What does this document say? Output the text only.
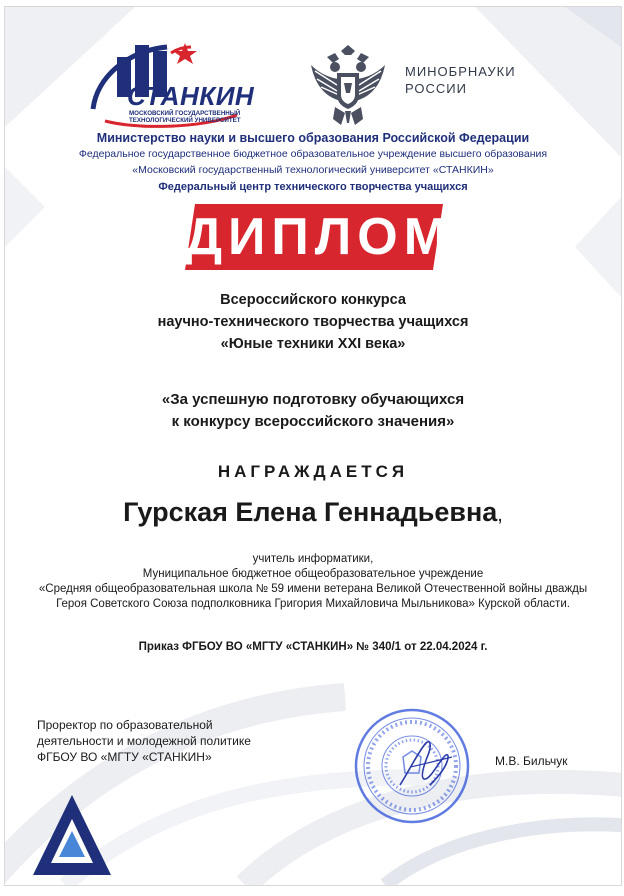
СТАНКИН
МОСКОВСКИЙ ГОСУДАРСТВЕННЫЙ
ТЕХНОЛОГИЧЕСКИЙ УНИВЕРСИТЕТ
МИНОБРНАУКИ
РОССИИ
Министерство науки и высшего образования Российской Федерации
Федеральное государственное бюджетное образовательное учреждение высшего образования
«Московский государственный технологический университет «СТАНКИН»
Федеральный центр технического творчества учащихся
ДИПЛОМ
Всероссийского конкурса
научно-технического творчества учащихся
«Юные техники XXI века»
«За успешную подготовку обучающихся
к конкурсу всероссийского значения»
НАГРАЖДАЕТСЯ
Гурская Елена Геннадьевна,
учитель информатики,
Муниципальное бюджетное общеобразовательное учреждение
«Средняя общеобразовательная школа № 59 имени ветерана Великой Отечественной войны дважды
Героя Советского Союза подполковника Григория Михайловича Мыльникова» Курской области.
Приказ ФГБОУ ВО «МГТУ «СТАНКИН» № 340/1 от 22.04.2024 г.
Проректор по образовательной
деятельности и молодежной политике
ФГБОУ ВО «МГТУ «СТАНКИН»	М.В. Бильчук
